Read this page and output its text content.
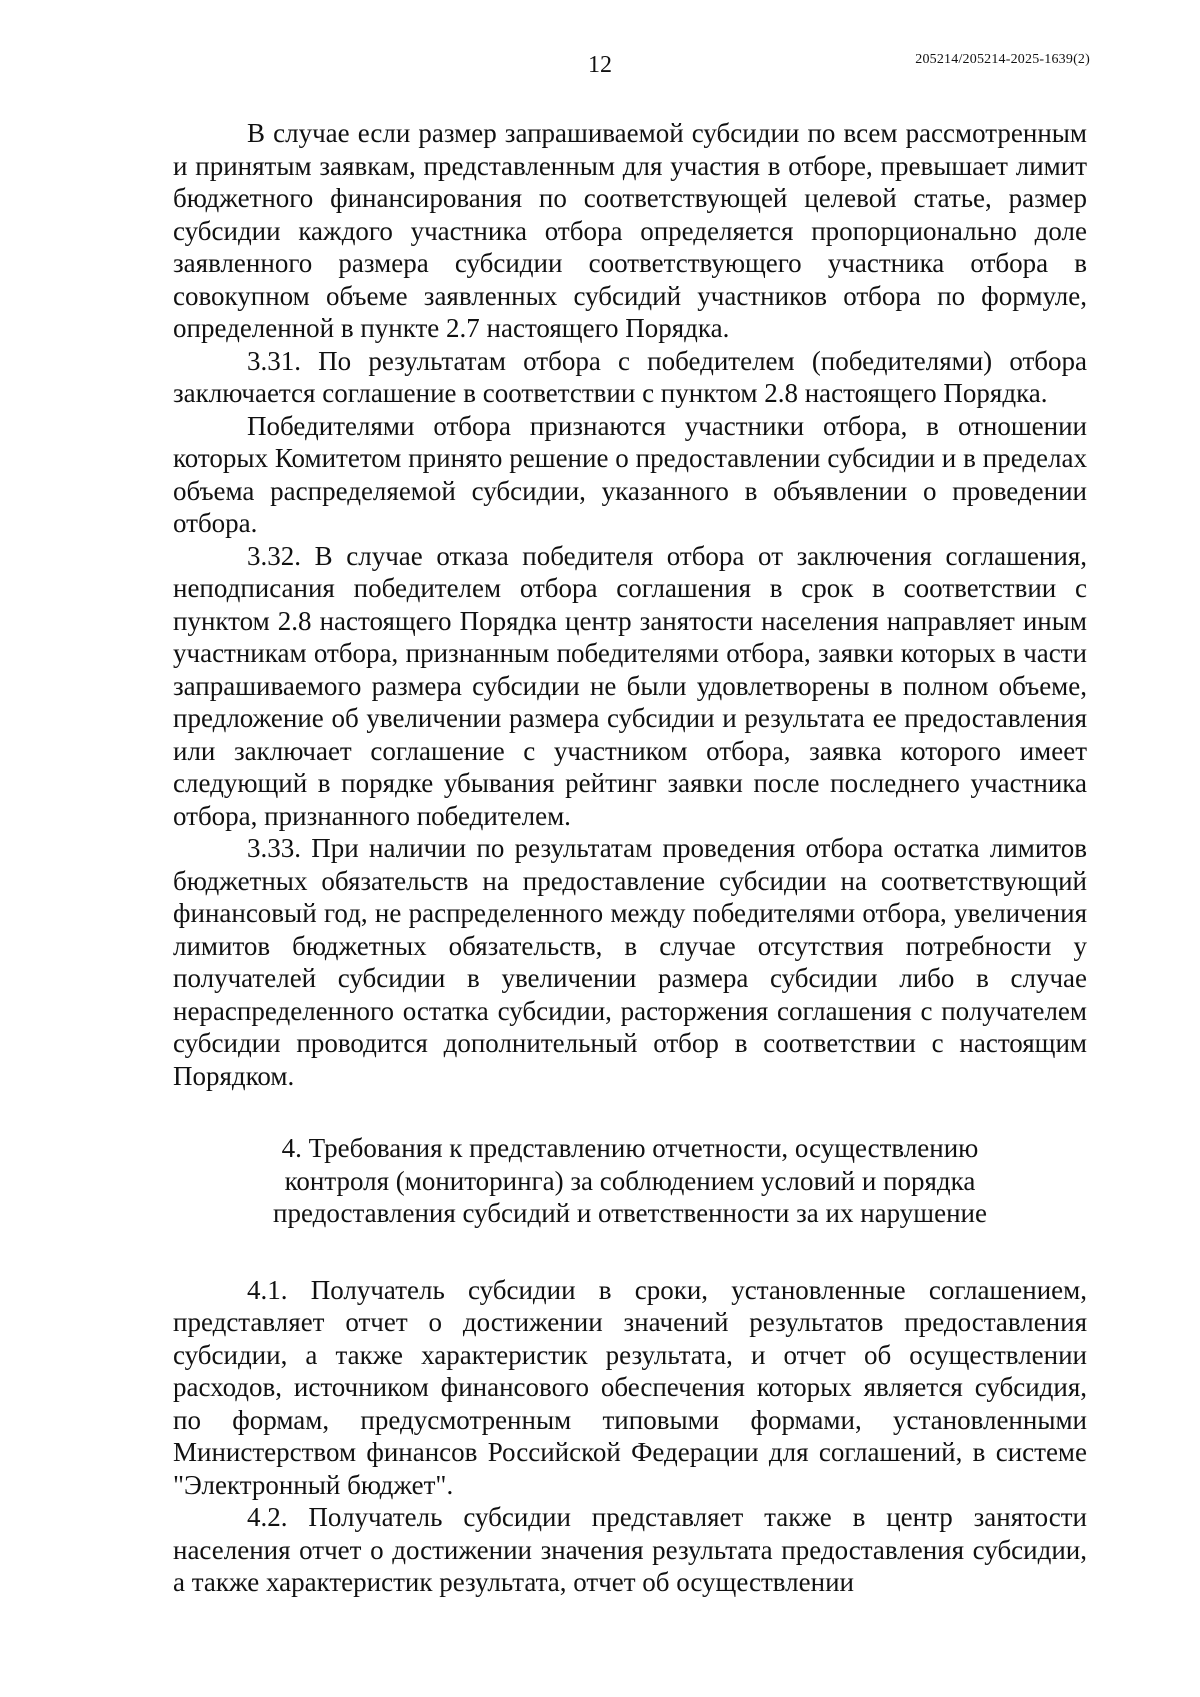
12	205214/205214-2025-1639(2)

В случае если размер запрашиваемой субсидии по всем рассмотренным и принятым заявкам, представленным для участия в отборе, превышает лимит бюджетного финансирования по соответствующей целевой статье, размер субсидии каждого участника отбора определяется пропорционально доле заявленного размера субсидии соответствующего участника отбора в совокупном объеме заявленных субсидий участников отбора по формуле, определенной в пункте 2.7 настоящего Порядка.

3.31. По результатам отбора с победителем (победителями) отбора заключается соглашение в соответствии с пунктом 2.8 настоящего Порядка.

Победителями отбора признаются участники отбора, в отношении которых Комитетом принято решение о предоставлении субсидии и в пределах объема распределяемой субсидии, указанного в объявлении о проведении отбора.

3.32. В случае отказа победителя отбора от заключения соглашения, неподписания победителем отбора соглашения в срок в соответствии с пунктом 2.8 настоящего Порядка центр занятости населения направляет иным участникам отбора, признанным победителями отбора, заявки которых в части запрашиваемого размера субсидии не были удовлетворены в полном объеме, предложение об увеличении размера субсидии и результата ее предоставления или заключает соглашение с участником отбора, заявка которого имеет следующий в порядке убывания рейтинг заявки после последнего участника отбора, признанного победителем.

3.33. При наличии по результатам проведения отбора остатка лимитов бюджетных обязательств на предоставление субсидии на соответствующий финансовый год, не распределенного между победителями отбора, увеличения лимитов бюджетных обязательств, в случае отсутствия потребности у получателей субсидии в увеличении размера субсидии либо в случае нераспределенного остатка субсидии, расторжения соглашения с получателем субсидии проводится дополнительный отбор в соответствии с настоящим Порядком.

4. Требования к представлению отчетности, осуществлению
контроля (мониторинга) за соблюдением условий и порядка
предоставления субсидий и ответственности за их нарушение

4.1. Получатель субсидии в сроки, установленные соглашением, представляет отчет о достижении значений результатов предоставления субсидии, а также характеристик результата, и отчет об осуществлении расходов, источником финансового обеспечения которых является субсидия, по формам, предусмотренным типовыми формами, установленными Министерством финансов Российской Федерации для соглашений, в системе "Электронный бюджет".

4.2. Получатель субсидии представляет также в центр занятости населения отчет о достижении значения результата предоставления субсидии, а также характеристик результата, отчет об осуществлении
